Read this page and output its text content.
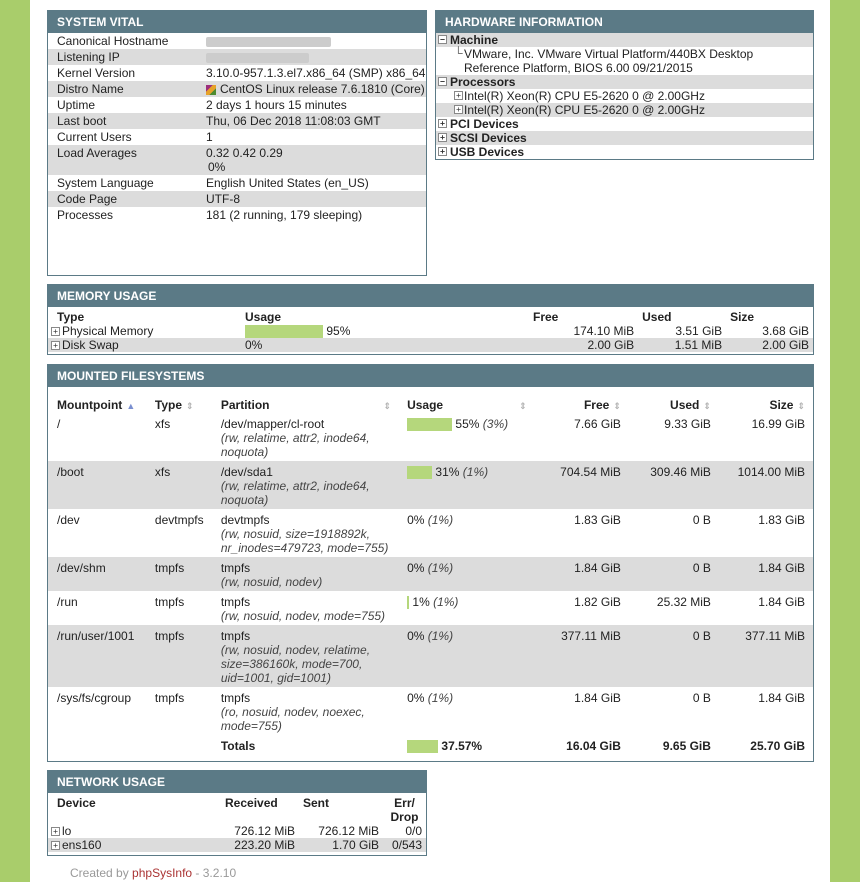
SYSTEM VITAL
Canonical Hostname	
Listening IP	
Kernel Version	3.10.0-957.1.3.el7.x86_64 (SMP) x86_64
Distro Name	CentOS Linux release 7.6.1810 (Core)
Uptime	2 days 1 hours 15 minutes
Last boot	Thu, 06 Dec 2018 11:08:03 GMT
Current Users	1
Load Averages	0.32 0.42 0.29
0%

System Language	English United States (en_US)
Code Page	UTF-8
Processes	181 (2 running, 179 sleeping)
HARDWARE INFORMATION
− Machine
└ VMware, Inc. VMware Virtual Platform/440BX Desktop
Reference Platform, BIOS 6.00 09/21/2015
− Processors
+ Intel(R) Xeon(R) CPU E5-2620 0 @ 2.00GHz
+ Intel(R) Xeon(R) CPU E5-2620 0 @ 2.00GHz
+ PCI Devices
+ SCSI Devices
+ USB Devices
MEMORY USAGE
Type	Usage	Free	Used	Size

+ Physical Memory	95%	174.10 MiB	3.51 GiB	3.68 GiB

+ Disk Swap	0%	2.00 GiB	1.51 MiB	2.00 GiB
MOUNTED FILESYSTEMS
Mountpoint ▲	Type ⇕	Partition ⇕	Usage ⇕	Free ⇕	Used ⇕	Size ⇕
/	xfs	/dev/mapper/cl-root
(rw, relatime, attr2, inode64, noquota)	55% (3%)	7.66 GiB	9.33 GiB	16.99 GiB
/boot	xfs	/dev/sda1
(rw, relatime, attr2, inode64, noquota)	31% (1%)	704.54 MiB	309.46 MiB	1014.00 MiB
/dev	devtmpfs	devtmpfs
(rw, nosuid, size=1918892k, nr_inodes=479723, mode=755)	0% (1%)	1.83 GiB	0 B	1.83 GiB
/dev/shm	tmpfs	tmpfs
(rw, nosuid, nodev)	0% (1%)	1.84 GiB	0 B	1.84 GiB
/run	tmpfs	tmpfs
(rw, nosuid, nodev, mode=755)	1% (1%)	1.82 GiB	25.32 MiB	1.84 GiB
/run/user/1001	tmpfs	tmpfs
(rw, nosuid, nodev, relatime, size=386160k, mode=700, uid=1001, gid=1001)	0% (1%)	377.11 MiB	0 B	377.11 MiB
/sys/fs/cgroup	tmpfs	tmpfs
(ro, nosuid, nodev, noexec, mode=755)	0% (1%)	1.84 GiB	0 B	1.84 GiB
		Totals	37.57%	16.04 GiB	9.65 GiB	25.70 GiB
NETWORK USAGE
Device	Received	Sent	Err/
Drop

+ lo	726.12 MiB	726.12 MiB	0/0

+ ens160	223.20 MiB	1.70 GiB	0/543
Created by phpSysInfo - 3.2.10
